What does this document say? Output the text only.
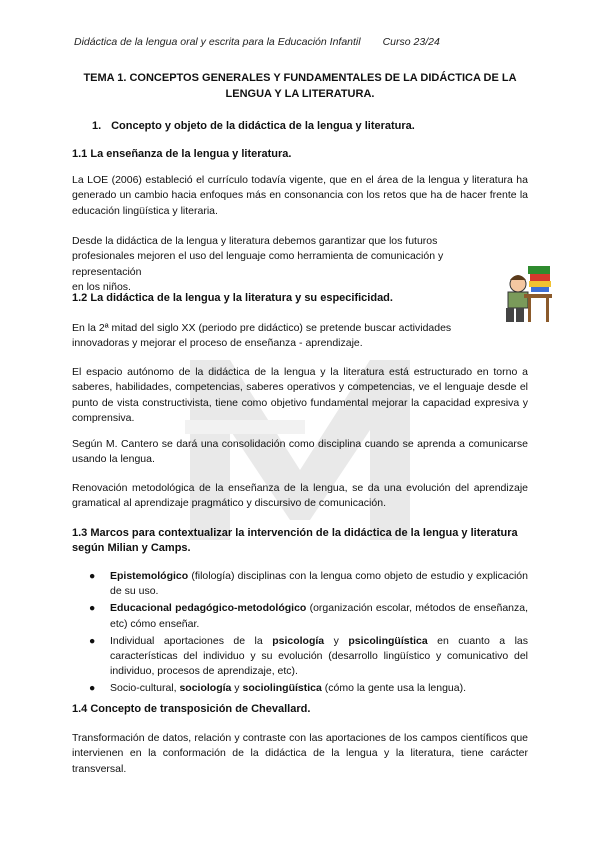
Didáctica de la lengua oral y escrita para la Educación Infantil Curso 23/24
TEMA 1. CONCEPTOS GENERALES Y FUNDAMENTALES DE LA DIDÁCTICA DE LA LENGUA Y LA LITERATURA.
1. Concepto y objeto de la didáctica de la lengua y literatura.
1.1 La enseñanza de la lengua y literatura.
La LOE (2006) estableció el currículo todavía vigente, que en el área de la lengua y literatura ha generado un cambio hacia enfoques más en consonancia con los retos que ha de hacer frente la educación lingüística y literaria.
Desde la didáctica de la lengua y literatura debemos garantizar que los futuros profesionales mejoren el uso del lenguaje como herramienta de comunicación y representación
en los niños.
1.2 La didáctica de la lengua y la literatura y su especificidad.
En la 2ª mitad del siglo XX (periodo pre didáctico) se pretende buscar actividades innovadoras y mejorar el proceso de enseñanza - aprendizaje.
El espacio autónomo de la didáctica de la lengua y la literatura está estructurado en torno a saberes, habilidades, competencias, saberes operativos y competencias, ve el lenguaje desde el punto de vista constructivista, tiene como objetivo fundamental mejorar la capacidad expresiva y comprensiva.
Según M. Cantero se dará una consolidación como disciplina cuando se aprenda a comunicarse usando la lengua.
Renovación metodológica de la enseñanza de la lengua, se da una evolución del aprendizaje gramatical al aprendizaje pragmático y discursivo de comunicación.
1.3 Marcos para contextualizar la intervención de la didáctica de la lengua y literatura según Milian y Camps.
● Epistemológico (filología) disciplinas con la lengua como objeto de estudio y explicación de su uso.
● Educacional pedagógico-metodológico (organización escolar, métodos de enseñanza, etc) cómo enseñar.
● Individual aportaciones de la psicología y psicolingüística en cuanto a las características del individuo y su evolución (desarrollo lingüístico y comunicativo del individuo, procesos de aprendizaje, etc).
● Socio-cultural, sociología y sociolingüística (cómo la gente usa la lengua).
1.4 Concepto de transposición de Chevallard.
Transformación de datos, relación y contraste con las aportaciones de los campos científicos que intervienen en la conformación de la didáctica de la lengua y la literatura, tiene carácter transversal.
